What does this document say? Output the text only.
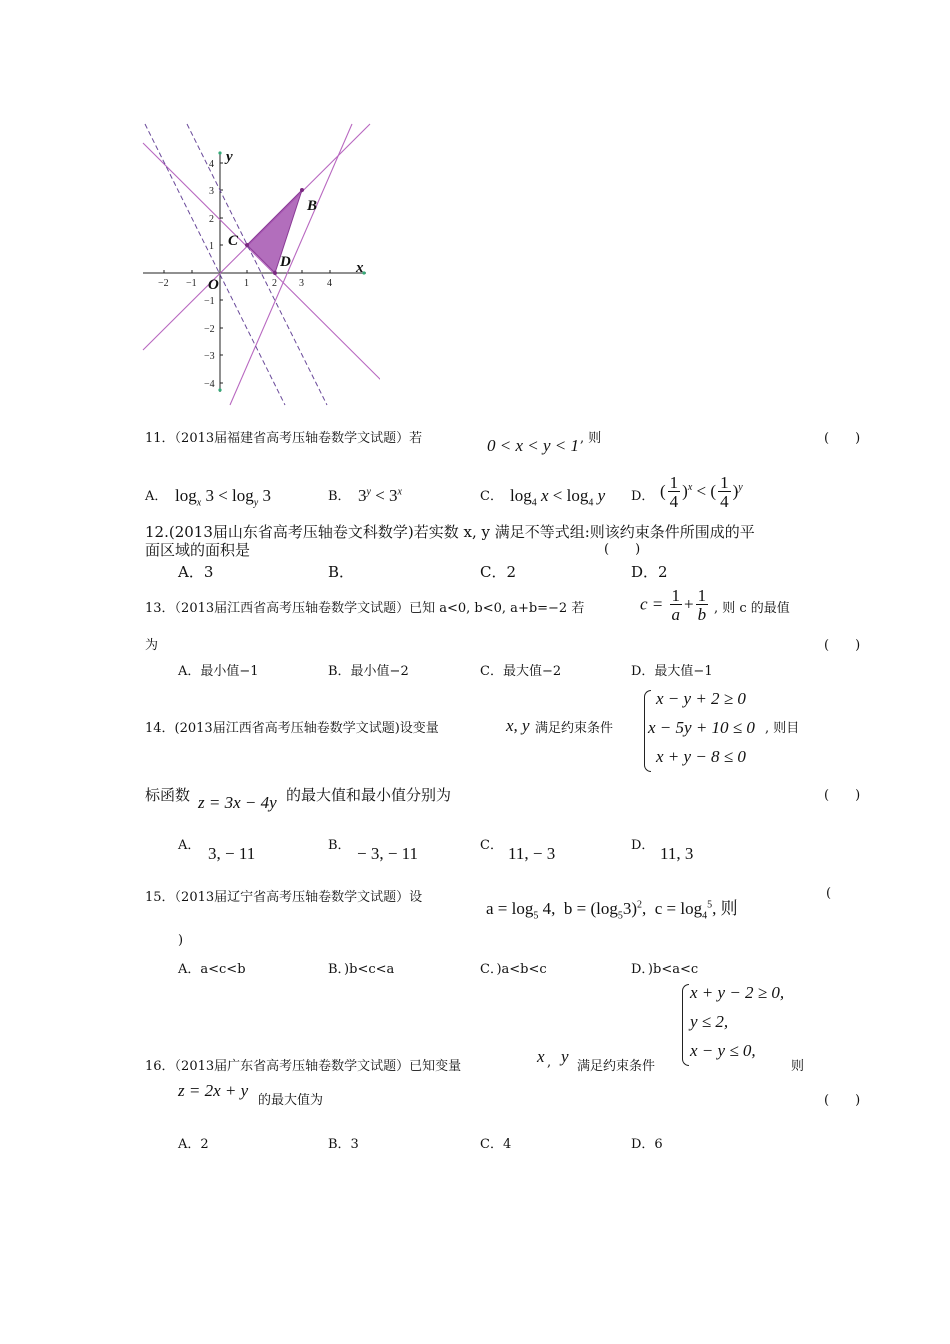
−2 −1	1 2 3 4
4
3
2
1
−1
−2
−3
−4
y
x
O
B
C
D
11．（2013届福建省高考压轴卷数学文试题）若	0 < x < y < 1 , 则	(　　)
A． $\log_x 3 < \log_y 3$	B． $3^y < 3^x$	C． $\log_4 x < \log_4 y$ D． ( $\frac{1}{4} )^x$ < ( $\frac{1}{4} )^y$
12.(2013届山东省高考压轴卷文科数学)若实数 x, y 满足不等式组:则该约束条件所围成的平
面区域的面积是	(　　)
A．3	B．	C．2	D．2
13．（2013届江西省高考压轴卷数学文试题）已知 a<0, b<0, a+b=−2 若	$c = \frac{1}{a} + \frac{1}{b}$ , 则 c 的最值
为	(　　)
A．最小值−1	B．最小值−2	C．最大值−2	D．最大值−1
14．(2013届江西省高考压轴卷数学文试题)设变量	x, y 满足约束条件
x − y + 2 ≥ 0
x − 5y + 10 ≤ 0
x + y − 8 ≤ 0
, 则目
标函数 z = 3x − 4y 的最大值和最小值分别为	(　　)
A． 3, − 11	B． − 3, − 11	C． 11, − 3	D． 11, 3
15．（2013届辽宁省高考压轴卷数学文试题）设
$a = \log_5 4$, $b = (\log_53)^2$, $c = \log_4^5$, 则
(
)
A．a<c<b	B．)b<c<a	C．)a<b<c	D．)b<a<c
x + y − 2 ≥ 0,
y ≤ 2,
x − y ≤ 0,
16．（2013届广东省高考压轴卷数学文试题）已知变量
x , y
满足约束条件	则
z = 2x + y
的最大值为	(　　)
A．2	B．3	C．4	D．6
